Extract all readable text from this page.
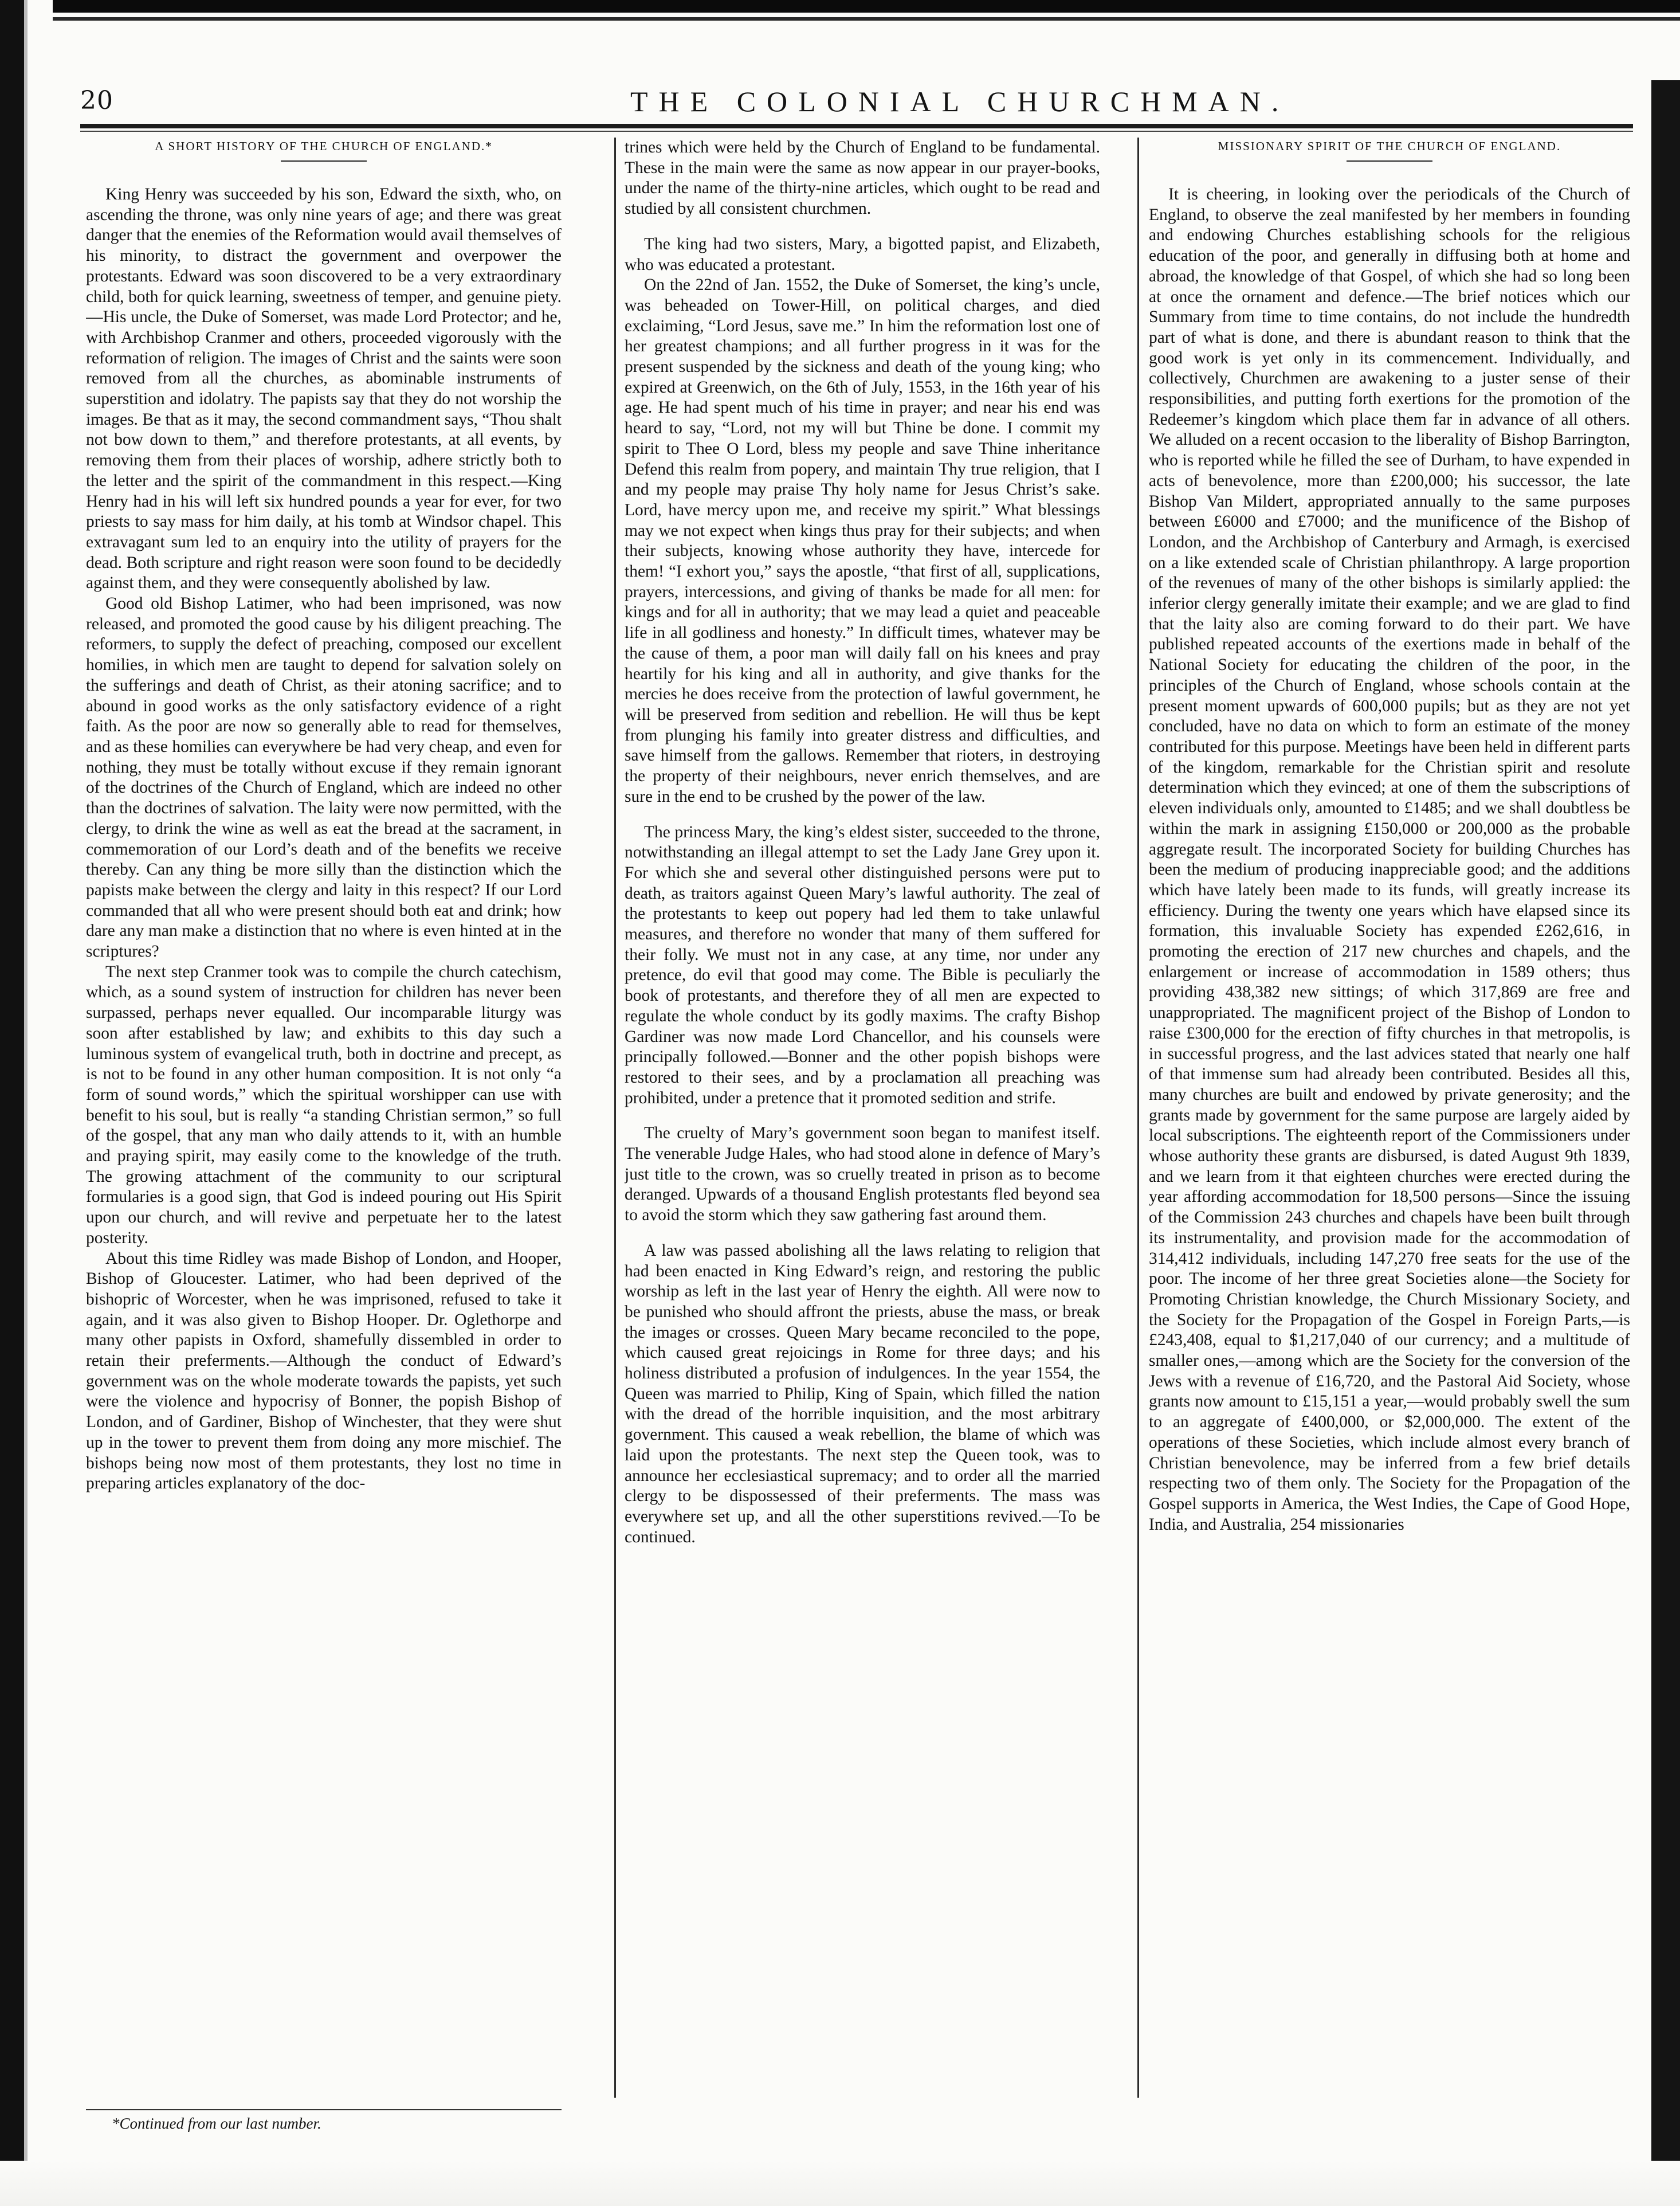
20	THE COLONIAL CHURCHMAN.
A SHORT HISTORY OF THE CHURCH OF ENGLAND.*

King Henry was succeeded by his son, Edward the sixth, who, on ascending the throne, was only nine years of age; and there was great danger that the enemies of the Reformation would avail themselves of his minority, to distract the government and overpower the protestants. Edward was soon discovered to be a very extraordinary child, both for quick learning, sweetness of temper, and genuine piety.—His uncle, the Duke of Somerset, was made Lord Protector; and he, with Archbishop Cranmer and others, proceeded vigorously with the reformation of religion. The images of Christ and the saints were soon removed from all the churches, as abominable instruments of superstition and idolatry. The papists say that they do not worship the images. Be that as it may, the second commandment says, “Thou shalt not bow down to them,” and therefore protestants, at all events, by removing them from their places of worship, adhere strictly both to the letter and the spirit of the commandment in this respect.—King Henry had in his will left six hundred pounds a year for ever, for two priests to say mass for him daily, at his tomb at Windsor chapel. This extravagant sum led to an enquiry into the utility of prayers for the dead. Both scripture and right reason were soon found to be decidedly against them, and they were consequently abolished by law.

Good old Bishop Latimer, who had been imprisoned, was now released, and promoted the good cause by his diligent preaching. The reformers, to supply the defect of preaching, composed our excellent homilies, in which men are taught to depend for salvation solely on the sufferings and death of Christ, as their atoning sacrifice; and to abound in good works as the only satisfactory evidence of a right faith. As the poor are now so generally able to read for themselves, and as these homilies can everywhere be had very cheap, and even for nothing, they must be totally without excuse if they remain ignorant of the doctrines of the Church of England, which are indeed no other than the doctrines of salvation. The laity were now permitted, with the clergy, to drink the wine as well as eat the bread at the sacrament, in commemoration of our Lord’s death and of the benefits we receive thereby. Can any thing be more silly than the distinction which the papists make between the clergy and laity in this respect? If our Lord commanded that all who were present should both eat and drink; how dare any man make a distinction that no where is even hinted at in the scriptures?

The next step Cranmer took was to compile the church catechism, which, as a sound system of instruction for children has never been surpassed, perhaps never equalled. Our incomparable liturgy was soon after established by law; and exhibits to this day such a luminous system of evangelical truth, both in doctrine and precept, as is not to be found in any other human composition. It is not only “a form of sound words,” which the spiritual worshipper can use with benefit to his soul, but is really “a standing Christian sermon,” so full of the gospel, that any man who daily attends to it, with an humble and praying spirit, may easily come to the knowledge of the truth. The growing attachment of the community to our scriptural formularies is a good sign, that God is indeed pouring out His Spirit upon our church, and will revive and perpetuate her to the latest posterity.

About this time Ridley was made Bishop of London, and Hooper, Bishop of Gloucester. Latimer, who had been deprived of the bishopric of Worcester, when he was imprisoned, refused to take it again, and it was also given to Bishop Hooper. Dr. Oglethorpe and many other papists in Oxford, shamefully dissembled in order to retain their preferments.—Although the conduct of Edward’s government was on the whole moderate towards the papists, yet such were the violence and hypocrisy of Bonner, the popish Bishop of London, and of Gardiner, Bishop of Winchester, that they were shut up in the tower to prevent them from doing any more mischief. The bishops being now most of them protestants, they lost no time in preparing articles explanatory of the doc-

trines which were held by the Church of England to be fundamental. These in the main were the same as now appear in our prayer-books, under the name of the thirty-nine articles, which ought to be read and studied by all consistent churchmen.

The king had two sisters, Mary, a bigotted papist, and Elizabeth, who was educated a protestant.

On the 22nd of Jan. 1552, the Duke of Somerset, the king’s uncle, was beheaded on Tower-Hill, on political charges, and died exclaiming, “Lord Jesus, save me.” In him the reformation lost one of her greatest champions; and all further progress in it was for the present suspended by the sickness and death of the young king; who expired at Greenwich, on the 6th of July, 1553, in the 16th year of his age. He had spent much of his time in prayer; and near his end was heard to say, “Lord, not my will but Thine be done. I commit my spirit to Thee O Lord, bless my people and save Thine inheritance Defend this realm from popery, and maintain Thy true religion, that I and my people may praise Thy holy name for Jesus Christ’s sake. Lord, have mercy upon me, and receive my spirit.” What blessings may we not expect when kings thus pray for their subjects; and when their subjects, knowing whose authority they have, intercede for them! “I exhort you,” says the apostle, “that first of all, supplications, prayers, intercessions, and giving of thanks be made for all men: for kings and for all in authority; that we may lead a quiet and peaceable life in all godliness and honesty.” In difficult times, whatever may be the cause of them, a poor man will daily fall on his knees and pray heartily for his king and all in authority, and give thanks for the mercies he does receive from the protection of lawful government, he will be preserved from sedition and rebellion. He will thus be kept from plunging his family into greater distress and difficulties, and save himself from the gallows. Remember that rioters, in destroying the property of their neighbours, never enrich themselves, and are sure in the end to be crushed by the power of the law.

The princess Mary, the king’s eldest sister, succeeded to the throne, notwithstanding an illegal attempt to set the Lady Jane Grey upon it. For which she and several other distinguished persons were put to death, as traitors against Queen Mary’s lawful authority. The zeal of the protestants to keep out popery had led them to take unlawful measures, and therefore no wonder that many of them suffered for their folly. We must not in any case, at any time, nor under any pretence, do evil that good may come. The Bible is peculiarly the book of protestants, and therefore they of all men are expected to regulate the whole conduct by its godly maxims. The crafty Bishop Gardiner was now made Lord Chancellor, and his counsels were principally followed.—Bonner and the other popish bishops were restored to their sees, and by a proclamation all preaching was prohibited, under a pretence that it promoted sedition and strife.

The cruelty of Mary’s government soon began to manifest itself. The venerable Judge Hales, who had stood alone in defence of Mary’s just title to the crown, was so cruelly treated in prison as to become deranged. Upwards of a thousand English protestants fled beyond sea to avoid the storm which they saw gathering fast around them.

A law was passed abolishing all the laws relating to religion that had been enacted in King Edward’s reign, and restoring the public worship as left in the last year of Henry the eighth. All were now to be punished who should affront the priests, abuse the mass, or break the images or crosses. Queen Mary became reconciled to the pope, which caused great rejoicings in Rome for three days; and his holiness distributed a profusion of indulgences. In the year 1554, the Queen was married to Philip, King of Spain, which filled the nation with the dread of the horrible inquisition, and the most arbitrary government. This caused a weak rebellion, the blame of which was laid upon the protestants. The next step the Queen took, was to announce her ecclesiastical supremacy; and to order all the married clergy to be dispossessed of their preferments. The mass was everywhere set up, and all the other superstitions revived.—To be continued.

MISSIONARY SPIRIT OF THE CHURCH OF ENGLAND.

It is cheering, in looking over the periodicals of the Church of England, to observe the zeal manifested by her members in founding and endowing Churches establishing schools for the religious education of the poor, and generally in diffusing both at home and abroad, the knowledge of that Gospel, of which she had so long been at once the ornament and defence.—The brief notices which our Summary from time to time contains, do not include the hundredth part of what is done, and there is abundant reason to think that the good work is yet only in its commencement. Individually, and collectively, Churchmen are awakening to a juster sense of their responsibilities, and putting forth exertions for the promotion of the Redeemer’s kingdom which place them far in advance of all others. We alluded on a recent occasion to the liberality of Bishop Barrington, who is reported while he filled the see of Durham, to have expended in acts of benevolence, more than £200,000; his successor, the late Bishop Van Mildert, appropriated annually to the same purposes between £6000 and £7000; and the munificence of the Bishop of London, and the Archbishop of Canterbury and Armagh, is exercised on a like extended scale of Christian philanthropy. A large proportion of the revenues of many of the other bishops is similarly applied: the inferior clergy generally imitate their example; and we are glad to find that the laity also are coming forward to do their part. We have published repeated accounts of the exertions made in behalf of the National Society for educating the children of the poor, in the principles of the Church of England, whose schools contain at the present moment upwards of 600,000 pupils; but as they are not yet concluded, have no data on which to form an estimate of the money contributed for this purpose. Meetings have been held in different parts of the kingdom, remarkable for the Christian spirit and resolute determination which they evinced; at one of them the subscriptions of eleven individuals only, amounted to £1485; and we shall doubtless be within the mark in assigning £150,000 or 200,000 as the probable aggregate result. The incorporated Society for building Churches has been the medium of producing inappreciable good; and the additions which have lately been made to its funds, will greatly increase its efficiency. During the twenty one years which have elapsed since its formation, this invaluable Society has expended £262,616, in promoting the erection of 217 new churches and chapels, and the enlargement or increase of accommodation in 1589 others; thus providing 438,382 new sittings; of which 317,869 are free and unappropriated. The magnificent project of the Bishop of London to raise £300,000 for the erection of fifty churches in that metropolis, is in successful progress, and the last advices stated that nearly one half of that immense sum had already been contributed. Besides all this, many churches are built and endowed by private generosity; and the grants made by government for the same purpose are largely aided by local subscriptions. The eighteenth report of the Commissioners under whose authority these grants are disbursed, is dated August 9th 1839, and we learn from it that eighteen churches were erected during the year affording accommodation for 18,500 persons—Since the issuing of the Commission 243 churches and chapels have been built through its instrumentality, and provision made for the accommodation of 314,412 individuals, including 147,270 free seats for the use of the poor. The income of her three great Societies alone—the Society for Promoting Christian knowledge, the Church Missionary Society, and the Society for the Propagation of the Gospel in Foreign Parts,—is £243,408, equal to $1,217,040 of our currency; and a multitude of smaller ones,—among which are the Society for the conversion of the Jews with a revenue of £16,720, and the Pastoral Aid Society, whose grants now amount to £15,151 a year,—would probably swell the sum to an aggregate of £400,000, or $2,000,000. The extent of the operations of these Societies, which include almost every branch of Christian benevolence, may be inferred from a few brief details respecting two of them only. The Society for the Propagation of the Gospel supports in America, the West Indies, the Cape of Good Hope, India, and Australia, 254 missionaries

*Continued from our last number.
